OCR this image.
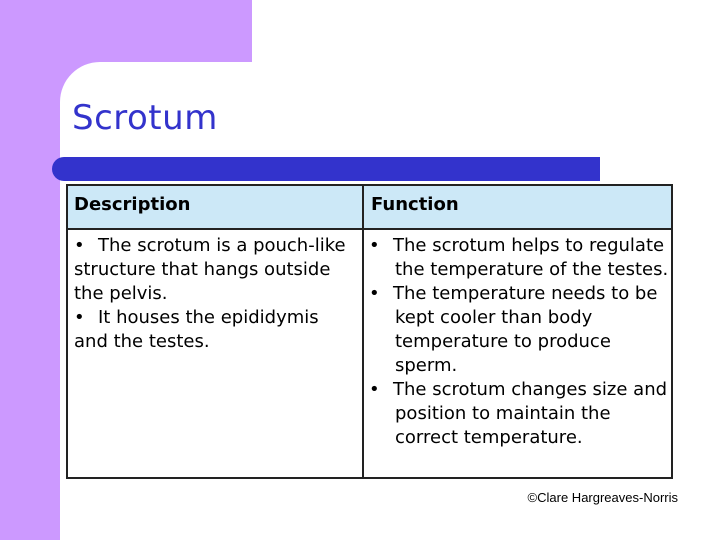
Scrotum
Description	Function

• The scrotum is a pouch-like structure that hangs outside the pelvis.

• It houses the epididymis and the testes.

• The scrotum helps to regulate the temperature of the testes.

• The temperature needs to be kept cooler than body temperature to produce sperm.

• The scrotum changes size and position to maintain the correct temperature.

©Clare Hargreaves-Norris
